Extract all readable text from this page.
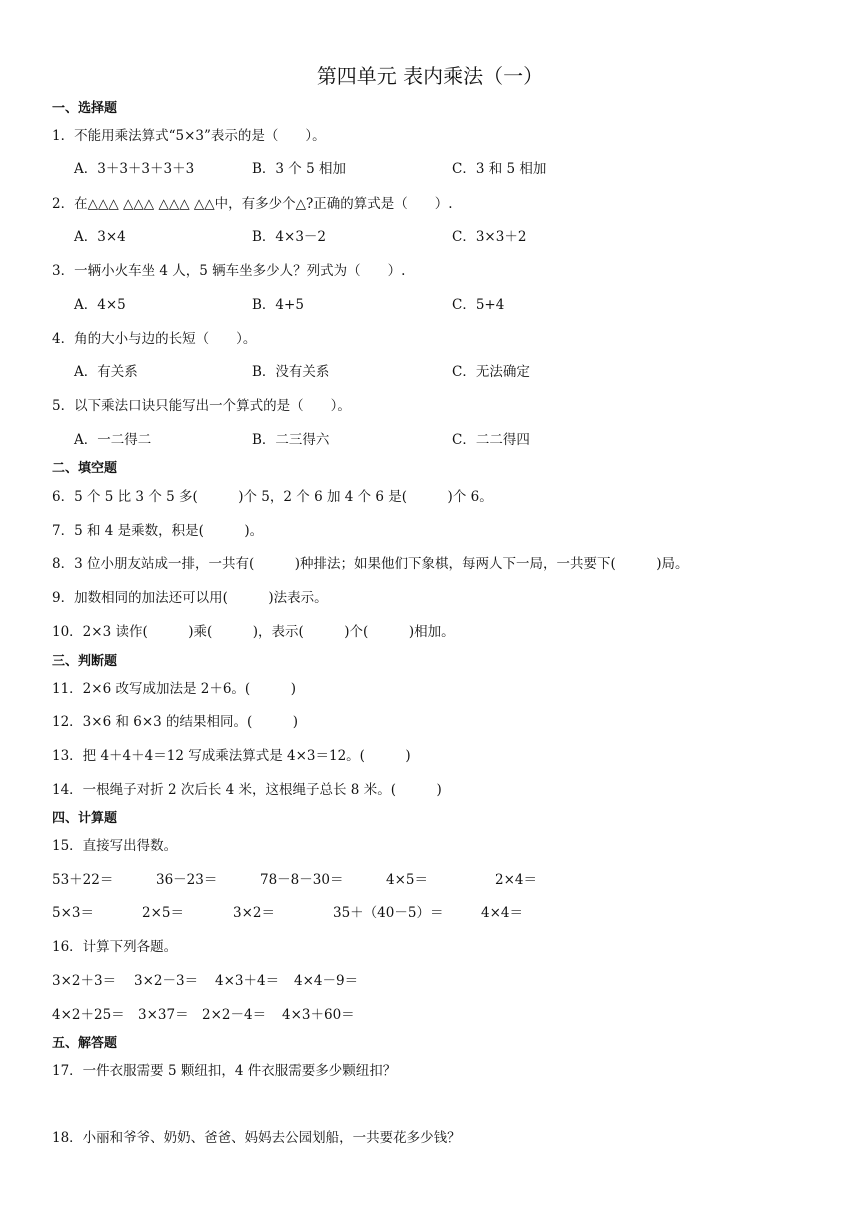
第四单元 表内乘法（一）
一、选择题
1．不能用乘法算式“5×3”表示的是（　　）。
A．3＋3＋3＋3＋3	B．3 个 5 相加	C．3 和 5 相加
2．在△△△ △△△ △△△ △△中，有多少个△?正确的算式是（　　）.
A．3×4	B．4×3－2	C．3×3＋2
3．一辆小火车坐 4 人，5 辆车坐多少人？列式为（　　）.
A．4×5	B．4+5	C．5+4
4．角的大小与边的长短（　　）。
A．有关系	B．没有关系	C．无法确定
5．以下乘法口诀只能写出一个算式的是（　　）。
A．一二得二	B．二三得六	C．二二得四
二、填空题
6．5 个 5 比 3 个 5 多(　　　)个 5，2 个 6 加 4 个 6 是(　　　)个 6。
7．5 和 4 是乘数，积是(　　　)。
8．3 位小朋友站成一排，一共有(　　　)种排法；如果他们下象棋，每两人下一局，一共要下(　　　)局。
9．加数相同的加法还可以用(　　　)法表示。
10．2×3 读作(　　　)乘(　　　)，表示(　　　)个(　　　)相加。
三、判断题
11．2×6 改写成加法是 2＋6。(　　　)
12．3×6 和 6×3 的结果相同。(　　　)
13．把 4＋4＋4＝12 写成乘法算式是 4×3＝12。(　　　)
14．一根绳子对折 2 次后长 4 米，这根绳子总长 8 米。(　　　)
四、计算题
15．直接写出得数。
53＋22＝	36－23＝	78－8－30＝	4×5＝	2×4＝
5×3＝	2×5＝	3×2＝	35＋（40－5）＝	4×4＝
16．计算下列各题。
3×2＋3＝ 3×2－3＝ 4×3＋4＝ 4×4－9＝
4×2＋25＝ 3×37＝ 2×2－4＝ 4×3＋60＝
五、解答题
17．一件衣服需要 5 颗纽扣，4 件衣服需要多少颗纽扣？
18．小丽和爷爷、奶奶、爸爸、妈妈去公园划船，一共要花多少钱？
